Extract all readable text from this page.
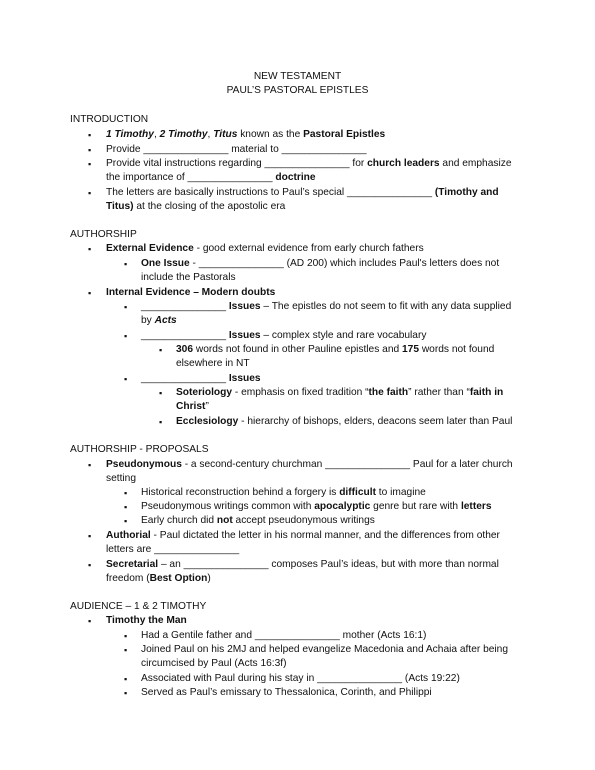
NEW TESTAMENT
PAUL’S PASTORAL EPISTLES
INTRODUCTION
▪ 1 Timothy, 2 Timothy, Titus known as the Pastoral Epistles
▪ Provide _______________ material to _______________
▪ Provide vital instructions regarding _______________ for church leaders and emphasize
the importance of _______________ doctrine
▪ The letters are basically instructions to Paul’s special _______________ (Timothy and
Titus) at the closing of the apostolic era
AUTHORSHIP
▪ External Evidence - good external evidence from early church fathers
▪ One Issue - _______________ (AD 200) which includes Paul's letters does not
include the Pastorals
▪ Internal Evidence – Modern doubts
▪ _______________ Issues – The epistles do not seem to fit with any data supplied
by Acts
▪ _______________ Issues – complex style and rare vocabulary
▪ 306 words not found in other Pauline epistles and 175 words not found
elsewhere in NT
▪ _______________ Issues
▪ Soteriology - emphasis on fixed tradition “the faith” rather than “faith in
Christ”
▪ Ecclesiology - hierarchy of bishops, elders, deacons seem later than Paul
AUTHORSHIP - PROPOSALS
▪ Pseudonymous - a second-century churchman _______________ Paul for a later church
setting
▪ Historical reconstruction behind a forgery is difficult to imagine
▪ Pseudonymous writings common with apocalyptic genre but rare with letters
▪ Early church did not accept pseudonymous writings
▪ Authorial - Paul dictated the letter in his normal manner, and the differences from other
letters are _______________
▪ Secretarial – an _______________ composes Paul’s ideas, but with more than normal
freedom (Best Option)
AUDIENCE – 1 & 2 TIMOTHY
▪ Timothy the Man
▪ Had a Gentile father and _______________ mother (Acts 16:1)
▪ Joined Paul on his 2MJ and helped evangelize Macedonia and Achaia after being
circumcised by Paul (Acts 16:3f)
▪ Associated with Paul during his stay in _______________ (Acts 19:22)
▪ Served as Paul’s emissary to Thessalonica, Corinth, and Philippi
